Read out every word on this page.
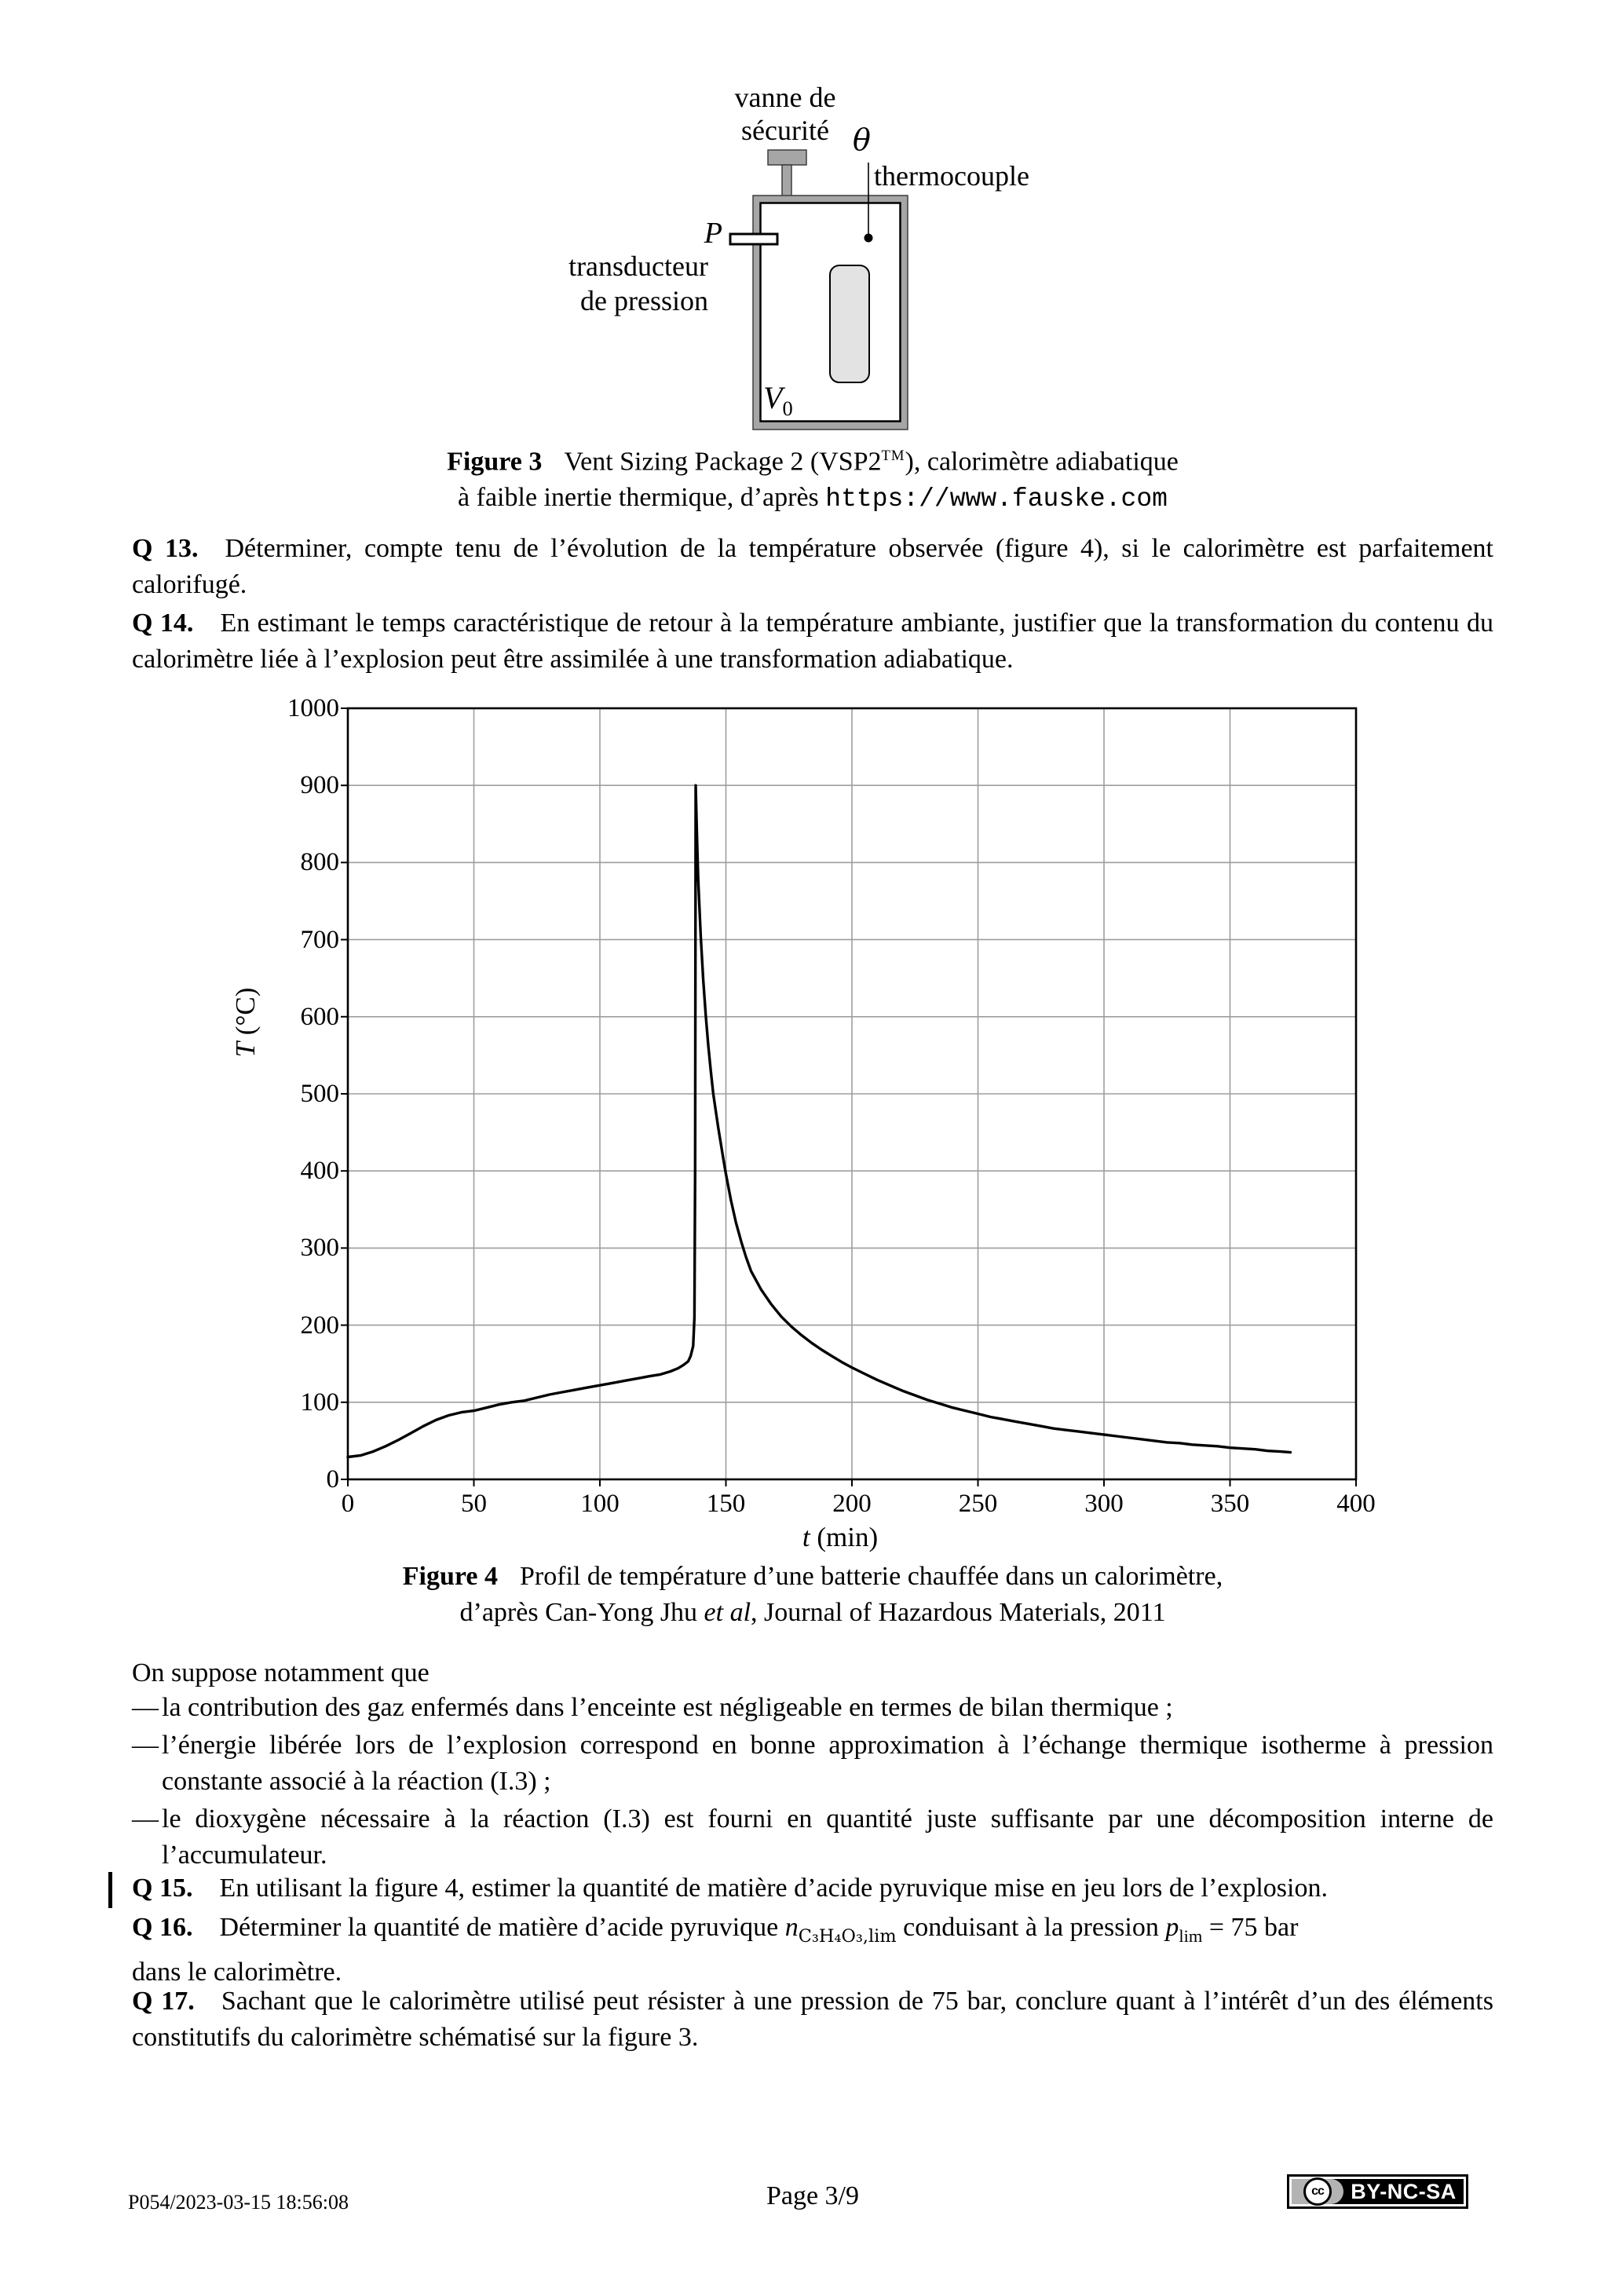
vanne de
sécurité θ
thermocouple
P
transducteur
de pression
$V_0$
Figure 3 Vent Sizing Package 2 (VSP2™), calorimètre adiabatique
à faible inertie thermique, d’après https://www.fauske.com
Q 13. Déterminer, compte tenu de l’évolution de la température observée (figure 4), si le calorimètre est parfaitement calorifugé.
Q 14. En estimant le temps caractéristique de retour à la température ambiante, justifier que la transformation du contenu du calorimètre liée à l’explosion peut être assimilée à une transformation adiabatique.
t (min)
T (°C)
Figure 4 Profil de température d’une batterie chauffée dans un calorimètre,
d’après Can-Yong Jhu et al, Journal of Hazardous Materials, 2011
On suppose notamment que
— la contribution des gaz enfermés dans l’enceinte est négligeable en termes de bilan thermique ;
— l’énergie libérée lors de l’explosion correspond en bonne approximation à l’échange thermique isotherme à pression constante associé à la réaction (I.3) ;
— le dioxygène nécessaire à la réaction (I.3) est fourni en quantité juste suffisante par une décomposition interne de l’accumulateur.
Q 15. En utilisant la figure 4, estimer la quantité de matière d’acide pyruvique mise en jeu lors de l’explosion.
Q 16. Déterminer la quantité de matière d’acide pyruvique $n_{C_3H_4O_3,lim}$ conduisant à la pression $p_{lim} = 75$ bar
dans le calorimètre.
Q 17. Sachant que le calorimètre utilisé peut résister à une pression de 75 bar, conclure quant à l’intérêt d’un des éléments constitutifs du calorimètre schématisé sur la figure 3.
P054/2023-03-15 18:56:08	Page 3/9	cc	BY-NC-SA
0	50	100	150	200	250	300	350	400
0
100
200
300
400
500
600
700
800
900
1000
